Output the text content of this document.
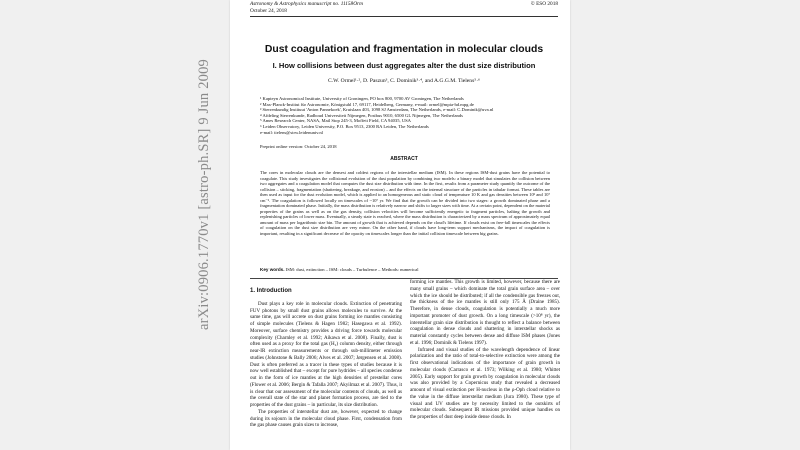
arXiv:0906.1770v1 [astro-ph.SR] 9 Jun 2009
Astronomy & Astrophysics manuscript no. 11158Orm
October 24, 2018
© ESO 2018
Dust coagulation and fragmentation in molecular clouds
I. How collisions between dust aggregates alter the dust size distribution
C.W. Ormel¹·², D. Paszun³, C. Dominik³·⁴, and A.G.G.M. Tielens⁵·⁶
¹ Kapteyn Astronomical Institute, University of Groningen, PO box 800, 9700 AV Groningen, The Netherlands
² Max-Planck-Institut für Astronomie, Königstuhl 17, 69117, Heidelberg, Germany, e-mail: ormel@mpia-hd.mpg.de
³ Sterrenkundig Instituut 'Anton Pannekoek', Kruislaan 403, 1098 SJ Amsterdam, The Netherlands, e-mail: C.Dominik@uva.nl
⁴ Afdeling Sterrenkunde, Radboud Universiteit Nijmegen, Postbus 9010, 6500 GL Nijmegen, The Netherlands
⁵ Ames Research Center, NASA, Mail Stop 245-3, Moffett Field, CA 94035, USA
⁶ Leiden Observatory, Leiden University, P.O. Box 9513, 2300 RA Leiden, The Netherlands
e-mail: tielens@strw.leidenuniv.nl
Preprint online version: October 24, 2018
ABSTRACT
The cores in molecular clouds are the densest and coldest regions of the interstellar medium (ISM). In these regions ISM-dust grains have the potential to coagulate. This study investigates the collisional evolution of the dust population by combining two models: a binary model that simulates the collision between two aggregates and a coagulation model that computes the dust size distribution with time. In the first, results from a parameter study quantify the outcome of the collision – sticking, fragmentation (shattering, breakage, and erosion) – and the effects on the internal structure of the particles in tabular format. These tables are then used as input for the dust evolution model, which is applied to an homogeneous and static cloud of temperature 10 K and gas densities between 10³ and 10⁷ cm⁻³. The coagulation is followed locally on timescales of ~10⁷ yr. We find that the growth can be divided into two stages: a growth dominated phase and a fragmentation dominated phase. Initially, the mass distribution is relatively narrow and shifts to larger sizes with time. At a certain point, dependent on the material properties of the grains as well as on the gas density, collision velocities will become sufficiently energetic to fragment particles, halting the growth and replenishing particles of lower mass. Eventually, a steady state is reached, where the mass distribution is characterized by a mass spectrum of approximately equal amount of mass per logarithmic size bin. The amount of growth that is achieved depends on the cloud's lifetime. If clouds exist on free-fall timescales the effects of coagulation on the dust size distribution are very minor. On the other hand, if clouds have long-term support mechanisms, the impact of coagulation is important, resulting in a significant decrease of the opacity on timescales longer than the initial collision timescale between big grains.
Key words. ISM: dust, extinction – ISM: clouds – Turbulence – Methods: numerical
1. Introduction

Dust plays a key role in molecular clouds. Extinction of penetrating FUV photons by small dust grains allows molecules to survive. At the same time, gas will accrete on dust grains forming ice mantles consisting of simple molecules (Tielens & Hagen 1982; Hasegawa et al. 1992). Moreover, surface chemistry provides a driving force towards molecular complexity (Charnley et al. 1992; Aikawa et al. 2008). Finally, dust is often used as a proxy for the total gas (H₂) column density, either through near-IR extinction measurements or through sub-millimeter emission studies (Johnstone & Bally 2006; Alves et al. 2007; Jørgensen et al. 2008). Dust is often preferred as a tracer in these types of studies because it is now well established that – except for pure hydrides – all species condense out in the form of ice mantles at the high densities of prestellar cores (Flower et al. 2006; Bergin & Tafalla 2007; Akyilmaz et al. 2007). Thus, it is clear that our assessment of the molecular contents of clouds, as well as the overall state of the star and planet formation process, are tied to the properties of the dust grains – in particular, its size distribution.

The properties of interstellar dust are, however, expected to change during its sojourn in the molecular cloud phase. First, condensation from the gas phase causes grain sizes to increase,

forming ice mantles. This growth is limited, however, because there are many small grains – which dominate the total grain surface area – over which the ice should be distributed; if all the condensible gas freezes out, the thickness of the ice mantles is still only 175 Å (Draine 1985). Therefore, in dense clouds, coagulation is potentially a much more important promoter of dust growth. On a long timescale (>10⁸ yr), the interstellar grain size distribution is thought to reflect a balance between coagulation in dense clouds and shattering in interstellar shocks as material constantly cycles between dense and diffuse ISM phases (Jones et al. 1996; Dominik & Tielens 1997).

Infrared and visual studies of the wavelength dependence of linear polarization and the ratio of total-to-selective extinction were among the first observational indications of the importance of grain growth in molecular clouds (Carrasco et al. 1973; Wilking et al. 1980; Whittet 2005). Early support for grain growth by coagulation in molecular clouds was also provided by a Copernicus study that revealed a decreased amount of visual extinction per H-nucleus in the ρ-Oph cloud relative to the value in the diffuse interstellar medium (Jura 1980). These type of visual and UV studies are by necessity limited to the outskirts of molecular clouds. Subsequent IR missions provided unique handles on the properties of dust deep inside dense clouds. In
